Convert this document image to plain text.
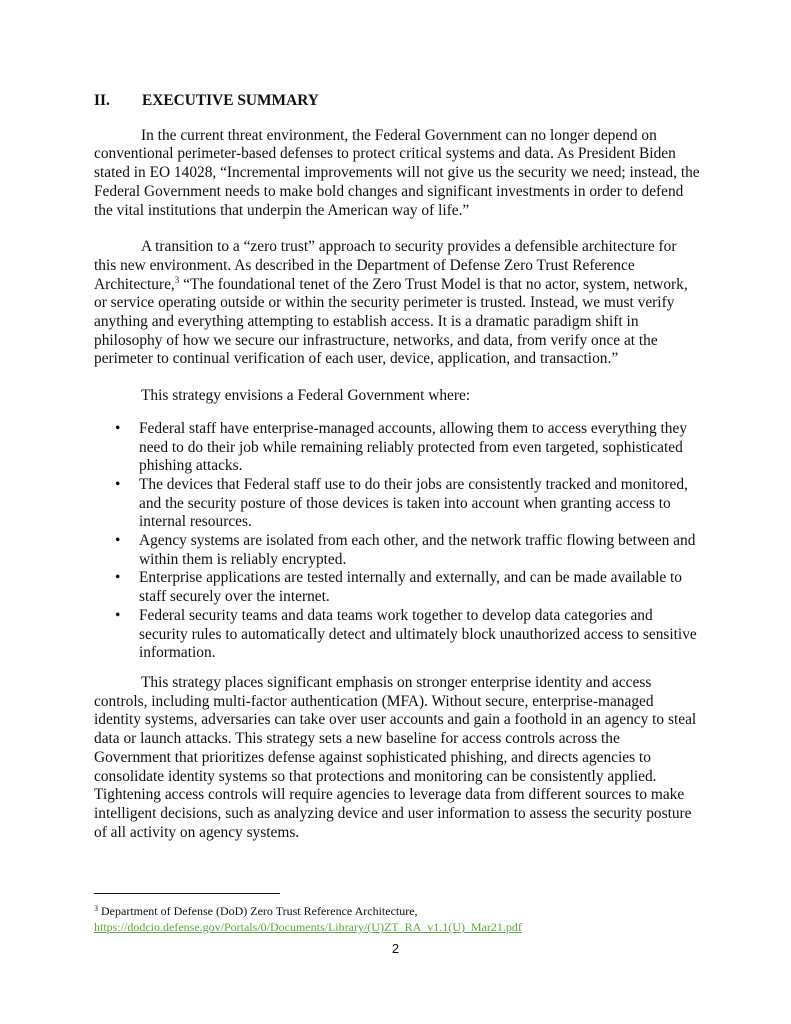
II. EXECUTIVE SUMMARY

In the current threat environment, the Federal Government can no longer depend on conventional perimeter-based defenses to protect critical systems and data. As President Biden stated in EO 14028, “Incremental improvements will not give us the security we need; instead, the Federal Government needs to make bold changes and significant investments in order to defend the vital institutions that underpin the American way of life.”

A transition to a “zero trust” approach to security provides a defensible architecture for this new environment. As described in the Department of Defense Zero Trust Reference Architecture,$^3$ “The foundational tenet of the Zero Trust Model is that no actor, system, network, or service operating outside or within the security perimeter is trusted. Instead, we must verify anything and everything attempting to establish access. It is a dramatic paradigm shift in philosophy of how we secure our infrastructure, networks, and data, from verify once at the perimeter to continual verification of each user, device, application, and transaction.”

This strategy envisions a Federal Government where:

• Federal staff have enterprise-managed accounts, allowing them to access everything they need to do their job while remaining reliably protected from even targeted, sophisticated phishing attacks.
• The devices that Federal staff use to do their jobs are consistently tracked and monitored, and the security posture of those devices is taken into account when granting access to internal resources.
• Agency systems are isolated from each other, and the network traffic flowing between and within them is reliably encrypted.
• Enterprise applications are tested internally and externally, and can be made available to staff securely over the internet.
• Federal security teams and data teams work together to develop data categories and security rules to automatically detect and ultimately block unauthorized access to sensitive information.

This strategy places significant emphasis on stronger enterprise identity and access controls, including multi-factor authentication (MFA). Without secure, enterprise-managed identity systems, adversaries can take over user accounts and gain a foothold in an agency to steal data or launch attacks. This strategy sets a new baseline for access controls across the Government that prioritizes defense against sophisticated phishing, and directs agencies to consolidate identity systems so that protections and monitoring can be consistently applied. Tightening access controls will require agencies to leverage data from different sources to make intelligent decisions, such as analyzing device and user information to assess the security posture of all activity on agency systems.

$^3$ Department of Defense (DoD) Zero Trust Reference Architecture,
https://dodcio.defense.gov/Portals/0/Documents/Library/(U)ZT_RA_v1.1(U)_Mar21.pdf
2
